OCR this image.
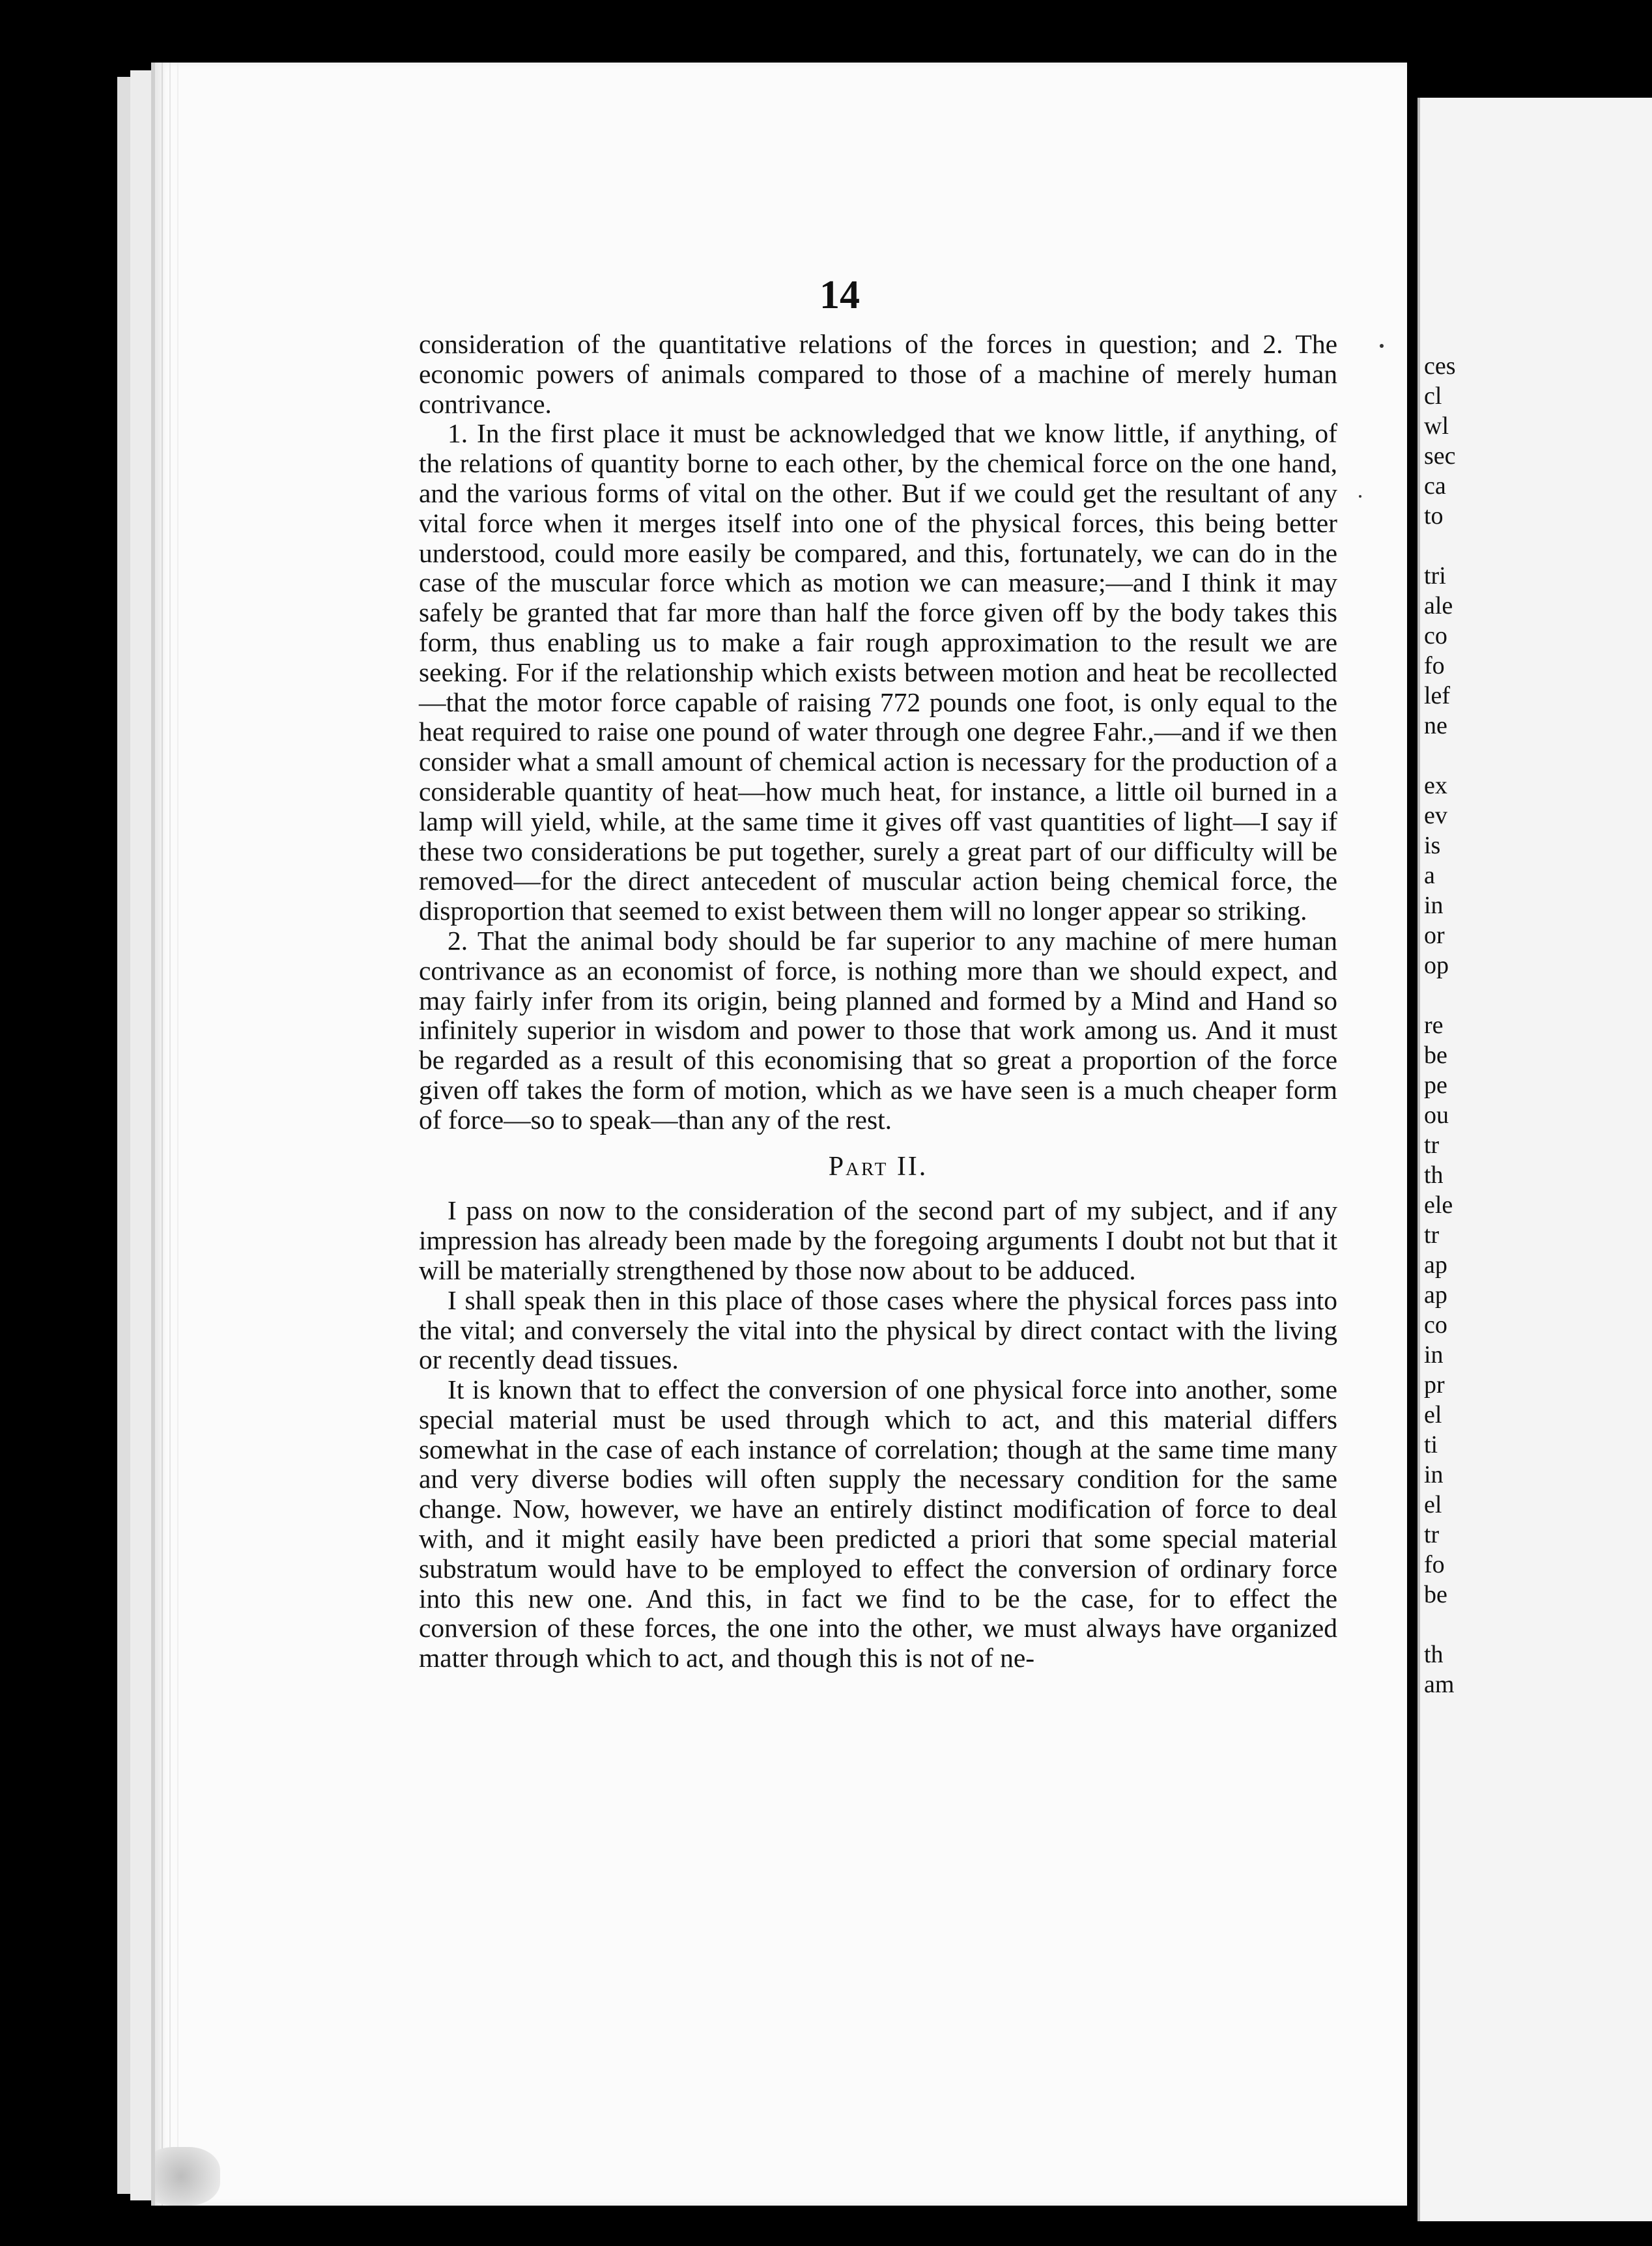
14

consideration of the quantitative relations of the forces in question; and 2. The economic powers of animals compared to those of a machine of merely human contrivance.

1. In the first place it must be acknowledged that we know little, if anything, of the relations of quantity borne to each other, by the chemical force on the one hand, and the various forms of vital on the other. But if we could get the resultant of any vital force when it merges itself into one of the physical forces, this being better understood, could more easily be compared, and this, fortunately, we can do in the case of the muscular force which as motion we can measure;—and I think it may safely be granted that far more than half the force given off by the body takes this form, thus enabling us to make a fair rough approximation to the result we are seeking. For if the relationship which exists between motion and heat be recollected—that the motor force capable of raising 772 pounds one foot, is only equal to the heat required to raise one pound of water through one degree Fahr.,—and if we then consider what a small amount of chemical action is necessary for the production of a considerable quantity of heat—how much heat, for instance, a little oil burned in a lamp will yield, while, at the same time it gives off vast quantities of light—I say if these two considerations be put together, surely a great part of our difficulty will be removed—for the direct antecedent of muscular action being chemical force, the disproportion that seemed to exist between them will no longer appear so striking.

2. That the animal body should be far superior to any machine of mere human contrivance as an economist of force, is nothing more than we should expect, and may fairly infer from its origin, being planned and formed by a Mind and Hand so infinitely superior in wisdom and power to those that work among us. And it must be regarded as a result of this economising that so great a proportion of the force given off takes the form of motion, which as we have seen is a much cheaper form of force—so to speak—than any of the rest.

Part II.

I pass on now to the consideration of the second part of my subject, and if any impression has already been made by the foregoing arguments I doubt not but that it will be materially strengthened by those now about to be adduced.

I shall speak then in this place of those cases where the physical forces pass into the vital; and conversely the vital into the physical by direct contact with the living or recently dead tissues.

It is known that to effect the conversion of one physical force into another, some special material must be used through which to act, and this material differs somewhat in the case of each instance of correlation; though at the same time many and very diverse bodies will often supply the necessary condition for the same change. Now, however, we have an entirely distinct modification of force to deal with, and it might easily have been predicted a priori that some special material substratum would have to be employed to effect the conversion of ordinary force into this new one. And this, in fact we find to be the case, for to effect the conversion of these forces, the one into the other, we must always have organized matter through which to act, and though this is not of ne-

ces
cl
wl
sec
ca
to
tri
ale
co
fo
lef
ne
ex
ev
is
a
in
or
op
re
be
pe
ou
tr
th
ele
tr
ap
ap
co
in
pr
el
ti
in
el
tr
fo
be
th
am
